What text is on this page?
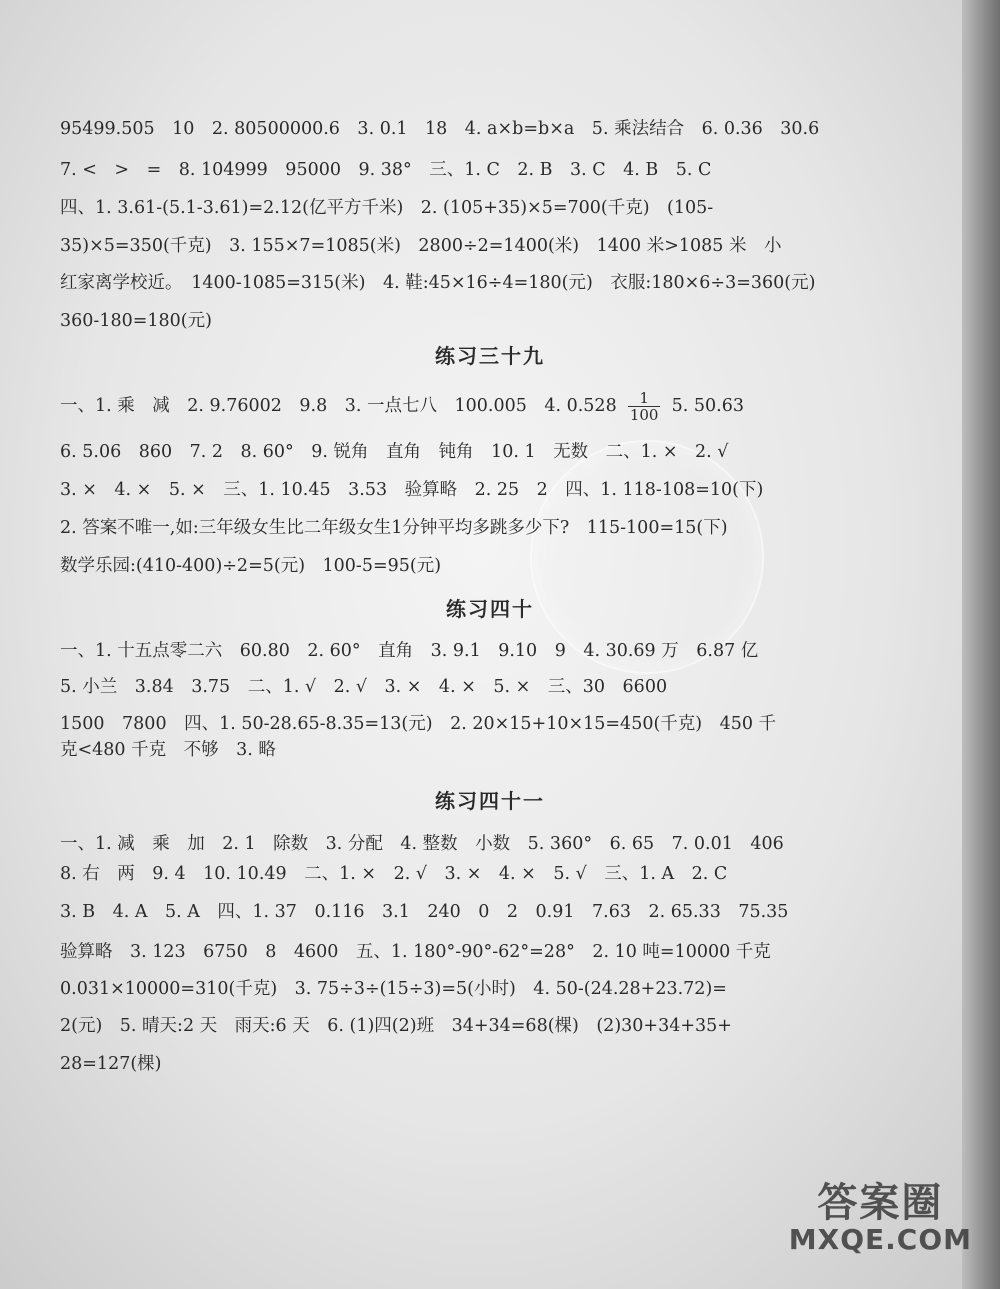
95499.505　10　2. 80500000.6　3. 0.1　18　4. a×b=b×a　5. 乘法结合　6. 0.36　30.6
7. <　>　=　8. 104999　95000　9. 38°　三、1. C　2. B　3. C　4. B　5. C
四、1. 3.61-(5.1-3.61)=2.12(亿平方千米)　2. (105+35)×5=700(千克)　(105-
35)×5=350(千克)　3. 155×7=1085(米)　2800÷2=1400(米)　1400 米>1085 米　小
红家离学校近。　1400-1085=315(米)　4. 鞋:45×16÷4=180(元)　衣服:180×6÷3=360(元)
360-180=180(元)
练习三十九
一、1. 乘　减　2. 9.76002　9.8　3. 一点七八　100.005　4. $0.528 \frac{1}{100} 5$. 50.63
6. 5.06　860　7. 2　8. 60°　9. 锐角　直角　钝角　10. 1　无数　二、1. ×　2. √
3. ×　4. ×　5. ×　三、1. 10.45　3.53　验算略　2. 25　2　四、1. 118-108=10(下)
2. 答案不唯一,如:三年级女生比二年级女生1分钟平均多跳多少下?　115-100=15(下)
数学乐园:(410-400)÷2=5(元)　100-5=95(元)
练习四十
一、1. 十五点零二六　60.80　2. 60°　直角　3. 9.1　9.10　9　4. 30.69 万　6.87 亿
5. 小兰　3.84　3.75　二、1. √　2. √　3. ×　4. ×　5. ×　三、30　6600
1500　7800　四、1. 50-28.65-8.35=13(元)　2. 20×15+10×15=450(千克)　450 千
克<480 千克　不够　3. 略
练习四十一
一、1. 减　乘　加　2. 1　除数　3. 分配　4. 整数　小数　5. 360°　6. 65　7. 0.01　406
8. 右　两　9. 4　10. 10.49　二、1. ×　2. √　3. ×　4. ×　5. √　三、1. A　2. C
3. B　4. A　5. A　四、1. 37　0.116　3.1　240　0　2　0.91　7.63　2. 65.33　75.35
验算略　3. 123　6750　8　4600　五、1. 180°-90°-62°=28°　2. 10 吨=10000 千克
0.031×10000=310(千克)　3. 75÷3÷(15÷3)=5(小时)　4. 50-(24.28+23.72)=
2(元)　5. 晴天:2 天　雨天:6 天　6. (1)四(2)班　34+34=68(棵)　(2)30+34+35+
28=127(棵)
答案圈
MXQE.COM
